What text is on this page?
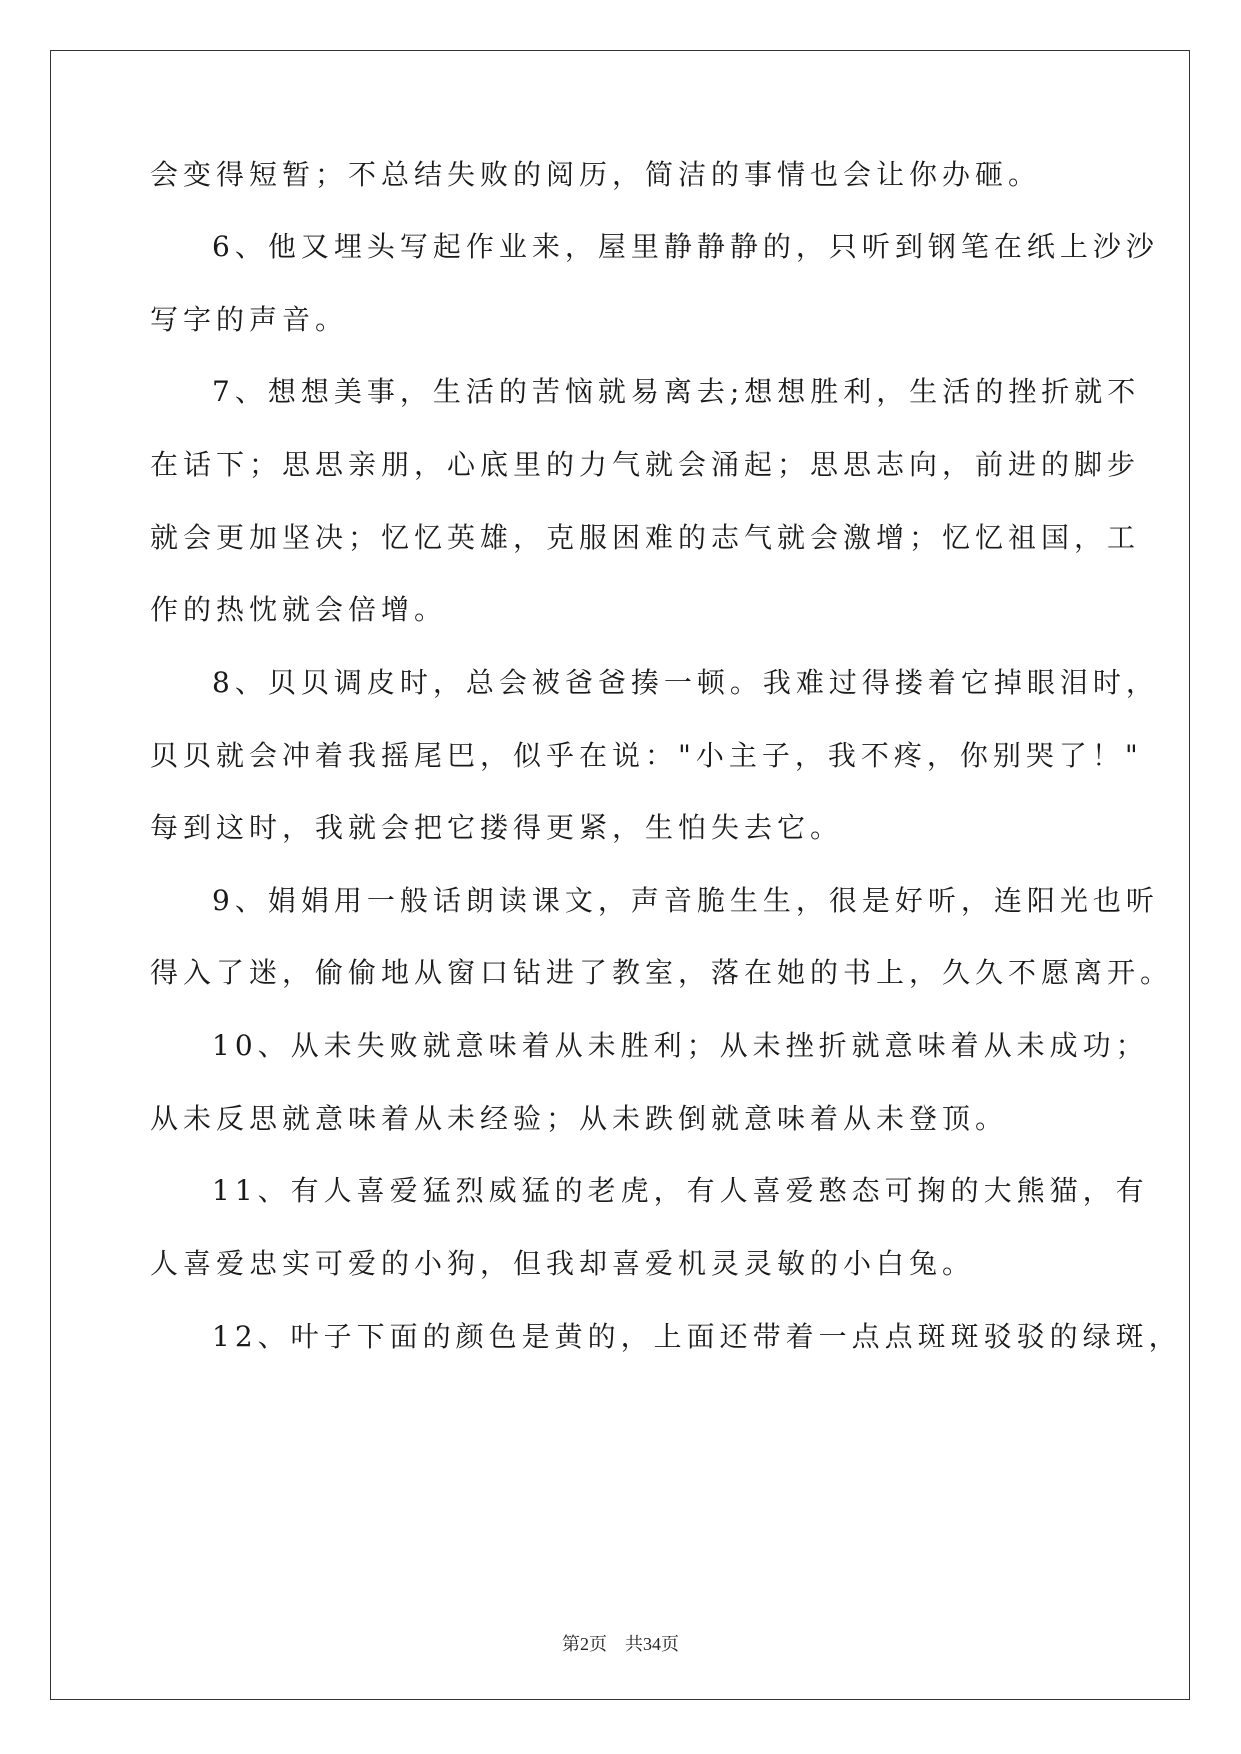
会变得短暂；不总结失败的阅历，简洁的事情也会让你办砸。

6、他又埋头写起作业来，屋里静静静的，只听到钢笔在纸上沙沙

写字的声音。

7、想想美事，生活的苦恼就易离去;想想胜利，生活的挫折就不

在话下；思思亲朋，心底里的力气就会涌起；思思志向，前进的脚步

就会更加坚决；忆忆英雄，克服困难的志气就会激增；忆忆祖国，工

作的热忱就会倍增。

8、贝贝调皮时，总会被爸爸揍一顿。我难过得搂着它掉眼泪时，

贝贝就会冲着我摇尾巴，似乎在说："小主子，我不疼，你别哭了！"

每到这时，我就会把它搂得更紧，生怕失去它。

9、娟娟用一般话朗读课文，声音脆生生，很是好听，连阳光也听

得入了迷，偷偷地从窗口钻进了教室，落在她的书上，久久不愿离开。

10、从未失败就意味着从未胜利；从未挫折就意味着从未成功；

从未反思就意味着从未经验；从未跌倒就意味着从未登顶。

11、有人喜爱猛烈威猛的老虎，有人喜爱憨态可掬的大熊猫，有

人喜爱忠实可爱的小狗，但我却喜爱机灵灵敏的小白兔。

12、叶子下面的颜色是黄的，上面还带着一点点斑斑驳驳的绿斑，

第2页 共34页
